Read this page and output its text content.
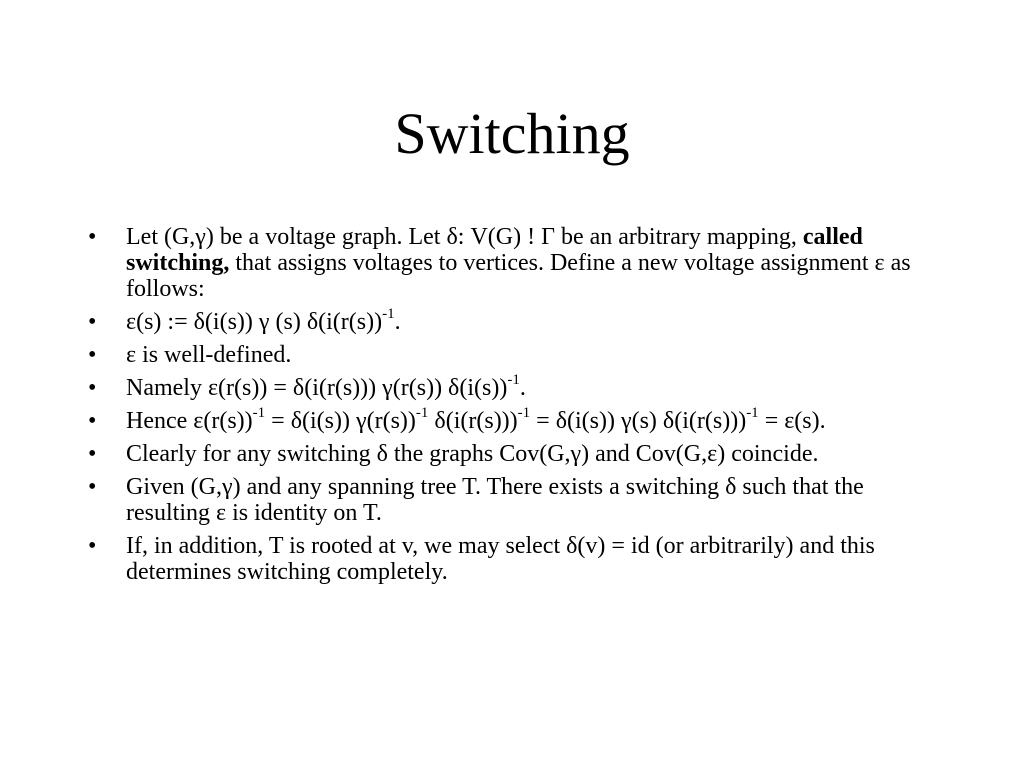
Switching
•	Let (G,γ) be a voltage graph. Let δ: V(G) ! Γ be an arbitrary mapping, called switching, that assigns voltages to vertices. Define a new voltage assignment ε as follows:
•	ε(s) := δ(i(s)) γ (s) $\delta(i(r(s))^{-1}$.
•	ε is well-defined.
•	Namely ε(r(s)) = δ(i(r(s))) γ(r(s)) $\delta(i(s))^{-1}$.
•	Hence $\varepsilon(r(s))^{-1} = \delta(i(s))$ $\gamma(r(s))^{-1}$ $\delta(i(r(s)))^{-1} = \delta(i(s))$ γ(s) $\delta(i(r(s)))^{-1} = \varepsilon(s)$.
•	Clearly for any switching δ the graphs Cov(G,γ) and Cov(G,ε) coincide.
•	Given (G,γ) and any spanning tree T. There exists a switching δ such that the resulting ε is identity on T.
•	If, in addition, T is rooted at v, we may select δ(v) = id (or arbitrarily) and this determines switching completely.
